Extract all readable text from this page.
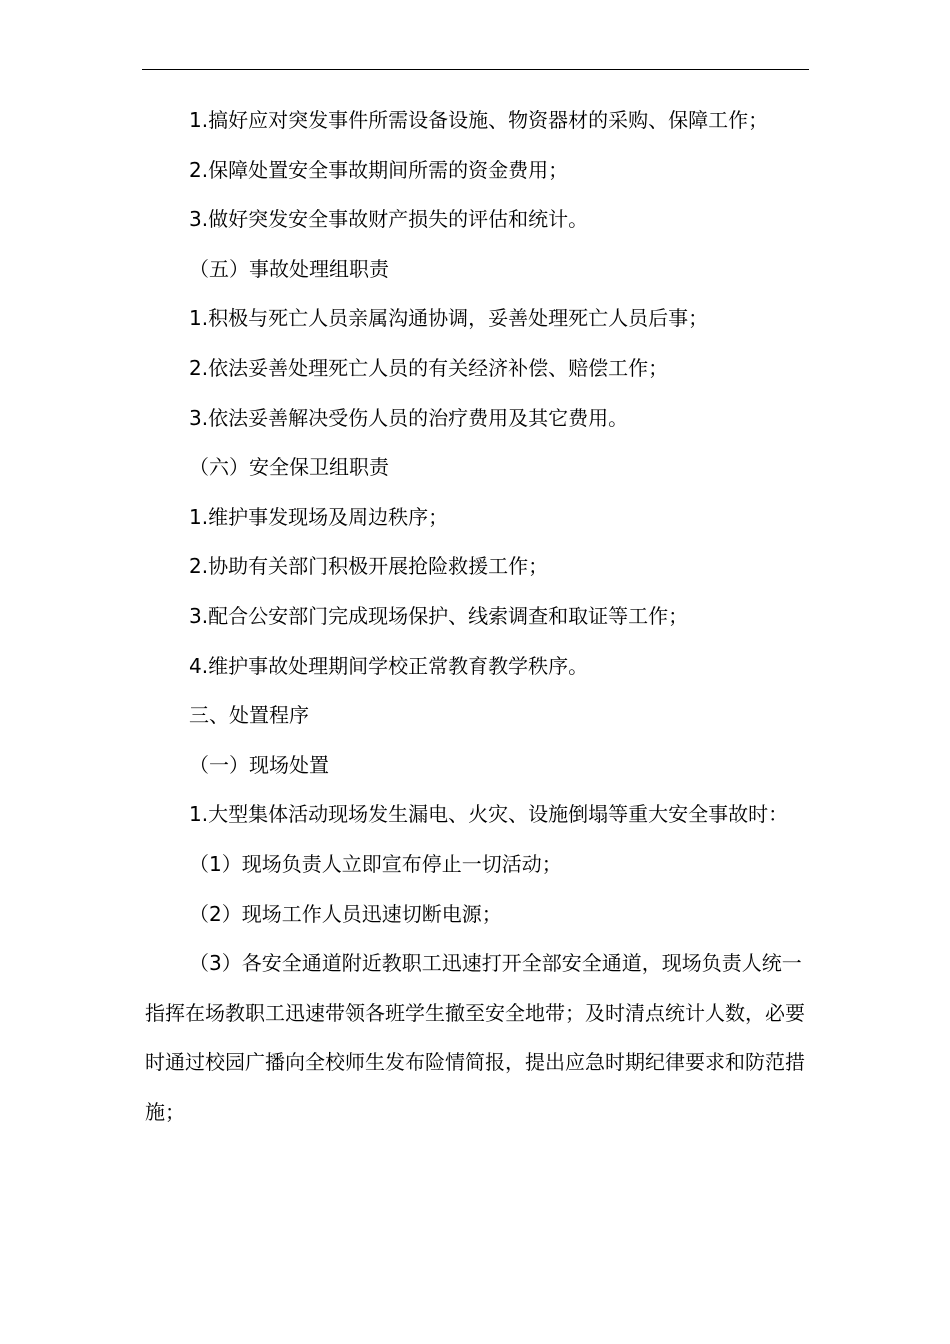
1.搞好应对突发事件所需设备设施、物资器材的采购、保障工作；

2.保障处置安全事故期间所需的资金费用；

3.做好突发安全事故财产损失的评估和统计。

（五）事故处理组职责

1.积极与死亡人员亲属沟通协调，妥善处理死亡人员后事；

2.依法妥善处理死亡人员的有关经济补偿、赔偿工作；

3.依法妥善解决受伤人员的治疗费用及其它费用。

（六）安全保卫组职责

1.维护事发现场及周边秩序；

2.协助有关部门积极开展抢险救援工作；

3.配合公安部门完成现场保护、线索调查和取证等工作；

4.维护事故处理期间学校正常教育教学秩序。

三、处置程序

（一）现场处置

1.大型集体活动现场发生漏电、火灾、设施倒塌等重大安全事故时：

（1）现场负责人立即宣布停止一切活动；

（2）现场工作人员迅速切断电源；

（3）各安全通道附近教职工迅速打开全部安全通道，现场负责人统一指挥在场教职工迅速带领各班学生撤至安全地带；及时清点统计人数，必要时通过校园广播向全校师生发布险情简报，提出应急时期纪律要求和防范措施；
